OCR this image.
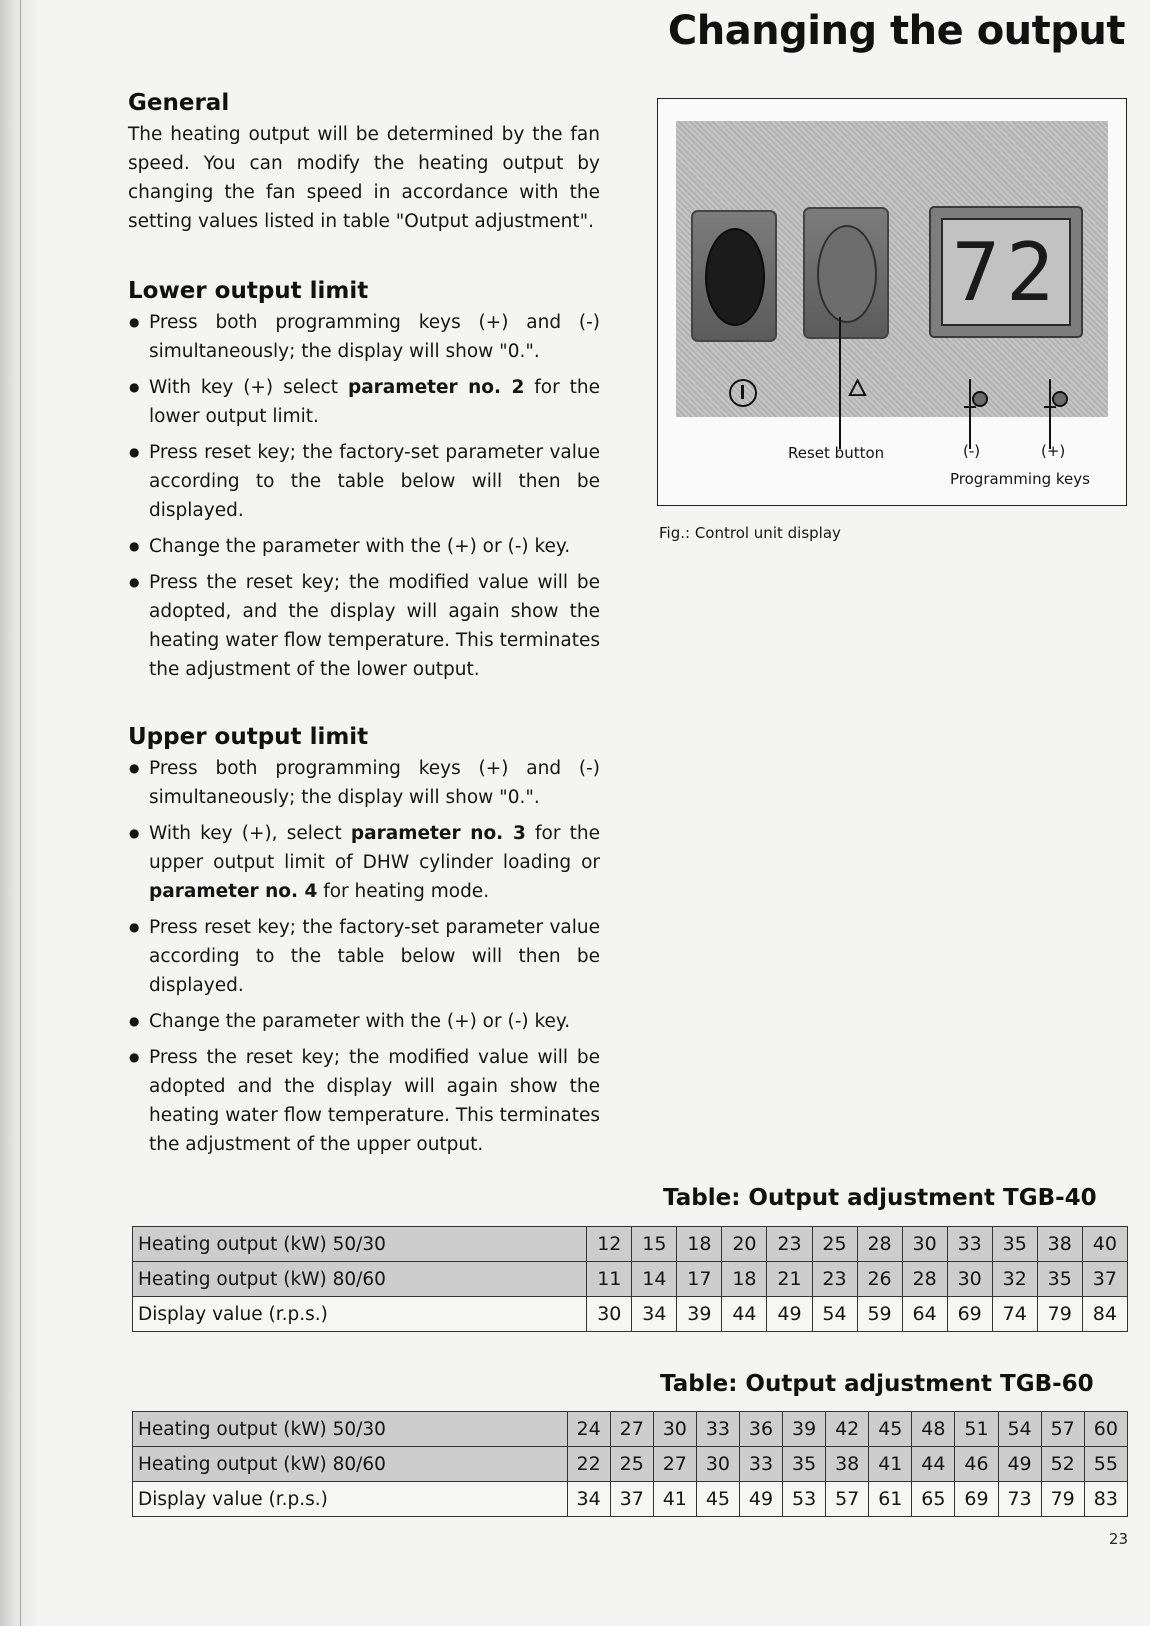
Changing the output
General

The heating output will be determined by the fan speed. You can modify the heating output by changing the fan speed in accordance with the setting values listed in table "Output adjustment".

Lower output limit
● Press both programming keys (+) and (-) simultaneously; the display will show "0.".
● With key (+) select parameter no. 2 for the lower output limit.
● Press reset key; the factory-set parameter value according to the table below will then be displayed.
● Change the parameter with the (+) or (-) key.
● Press the reset key; the modified value will be adopted, and the display will again show the heating water flow temperature. This terminates the adjustment of the lower output.
Upper output limit
● Press both programming keys (+) and (-) simultaneously; the display will show "0.".
● With key (+), select parameter no. 3 for the upper output limit of DHW cylinder loading or parameter no. 4 for heating mode.
● Press reset key; the factory-set parameter value according to the table below will then be displayed.
● Change the parameter with the (+) or (-) key.
● Press the reset key; the modified value will be adopted and the display will again show the heating water flow temperature. This terminates the adjustment of the upper output.
72
🜂
Reset button	(-)	(+)
Programming keys
Fig.: Control unit display
Table: Output adjustment TGB-40
Heating output (kW) 50/30	12	15	18	20	23	25	28	30	33	35	38	40
Heating output (kW) 80/60	11	14	17	18	21	23	26	28	30	32	35	37
Display value (r.p.s.)	30	34	39	44	49	54	59	64	69	74	79	84
Table: Output adjustment TGB-60
Heating output (kW) 50/30	24	27	30	33	36	39	42	45	48	51	54	57	60
Heating output (kW) 80/60	22	25	27	30	33	35	38	41	44	46	49	52	55
Display value (r.p.s.)	34	37	41	45	49	53	57	61	65	69	73	79	83
23
